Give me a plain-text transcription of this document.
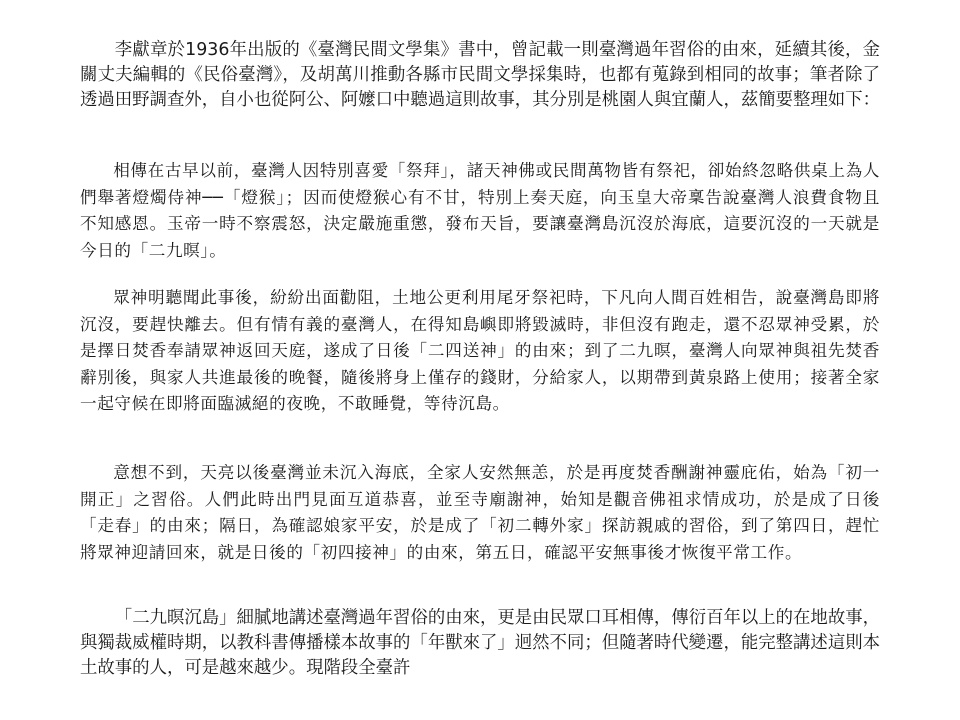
李獻章於1936年出版的《臺灣民間文學集》書中，曾記載一則臺灣過年習俗的由來，延續其後，金關丈夫編輯的《民俗臺灣》，及胡萬川推動各縣市民間文學採集時，也都有蒐錄到相同的故事；筆者除了透過田野調查外，自小也從阿公、阿嬤口中聽過這則故事，其分別是桃園人與宜蘭人，茲簡要整理如下：

相傳在古早以前，臺灣人因特別喜愛「祭拜」，諸天神佛或民間萬物皆有祭祀，卻始終忽略供桌上為人們舉著燈燭侍神──「燈猴」；因而使燈猴心有不甘，特別上奏天庭，向玉皇大帝稟告說臺灣人浪費食物且不知感恩。玉帝一時不察震怒，決定嚴施重懲，發布天旨，要讓臺灣島沉沒於海底，這要沉沒的一天就是今日的「二九暝」。

眾神明聽聞此事後，紛紛出面勸阻，土地公更利用尾牙祭祀時，下凡向人間百姓相告，說臺灣島即將沉沒，要趕快離去。但有情有義的臺灣人，在得知島嶼即將毀滅時，非但沒有跑走，還不忍眾神受累，於是擇日焚香奉請眾神返回天庭，遂成了日後「二四送神」的由來；到了二九暝，臺灣人向眾神與祖先焚香辭別後，與家人共進最後的晚餐，隨後將身上僅存的錢財，分給家人，以期帶到黃泉路上使用；接著全家一起守候在即將面臨滅絕的夜晚，不敢睡覺，等待沉島。

意想不到，天亮以後臺灣並未沉入海底，全家人安然無恙，於是再度焚香酬謝神靈庇佑，始為「初一開正」之習俗。人們此時出門見面互道恭喜，並至寺廟謝神，始知是觀音佛祖求情成功，於是成了日後「走春」的由來；隔日，為確認娘家平安，於是成了「初二轉外家」探訪親戚的習俗，到了第四日，趕忙將眾神迎請回來，就是日後的「初四接神」的由來，第五日，確認平安無事後才恢復平常工作。

「二九暝沉島」細膩地講述臺灣過年習俗的由來，更是由民眾口耳相傳，傳衍百年以上的在地故事，與獨裁威權時期，以教科書傳播樣本故事的「年獸來了」迥然不同；但隨著時代變遷，能完整講述這則本土故事的人，可是越來越少。現階段全臺許
